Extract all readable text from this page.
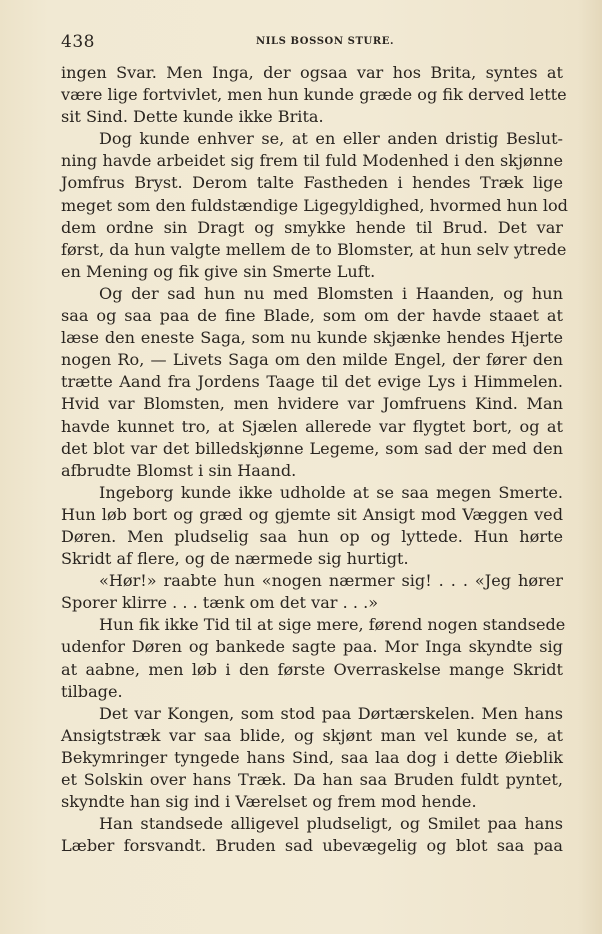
438	NILS BOSSON STURE.
ingen Svar. Men Inga, der ogsaa var hos Brita, syntes at
være lige fortvivlet, men hun kunde græde og fik derved lette
sit Sind. Dette kunde ikke Brita.
Dog kunde enhver se, at en eller anden dristig Beslut-
ning havde arbeidet sig frem til fuld Modenhed i den skjønne
Jomfrus Bryst. Derom talte Fastheden i hendes Træk lige
meget som den fuldstændige Ligegyldighed, hvormed hun lod
dem ordne sin Dragt og smykke hende til Brud. Det var
først, da hun valgte mellem de to Blomster, at hun selv ytrede
en Mening og fik give sin Smerte Luft.
Og der sad hun nu med Blomsten i Haanden, og hun
saa og saa paa de fine Blade, som om der havde staaet at
læse den eneste Saga, som nu kunde skjænke hendes Hjerte
nogen Ro, — Livets Saga om den milde Engel, der fører den
trætte Aand fra Jordens Taage til det evige Lys i Himmelen.
Hvid var Blomsten, men hvidere var Jomfruens Kind. Man
havde kunnet tro, at Sjælen allerede var flygtet bort, og at
det blot var det billedskjønne Legeme, som sad der med den
afbrudte Blomst i sin Haand.
Ingeborg kunde ikke udholde at se saa megen Smerte.
Hun løb bort og græd og gjemte sit Ansigt mod Væggen ved
Døren. Men pludselig saa hun op og lyttede. Hun hørte
Skridt af flere, og de nærmede sig hurtigt.
«Hør!» raabte hun «nogen nærmer sig! . . . «Jeg hører
Sporer klirre . . . tænk om det var . . .»
Hun fik ikke Tid til at sige mere, førend nogen standsede
udenfor Døren og bankede sagte paa. Mor Inga skyndte sig
at aabne, men løb i den første Overraskelse mange Skridt
tilbage.
Det var Kongen, som stod paa Dørtærskelen. Men hans
Ansigtstræk var saa blide, og skjønt man vel kunde se, at
Bekymringer tyngede hans Sind, saa laa dog i dette Øieblik
et Solskin over hans Træk. Da han saa Bruden fuldt pyntet,
skyndte han sig ind i Værelset og frem mod hende.
Han standsede alligevel pludseligt, og Smilet paa hans
Læber forsvandt. Bruden sad ubevægelig og blot saa paa
